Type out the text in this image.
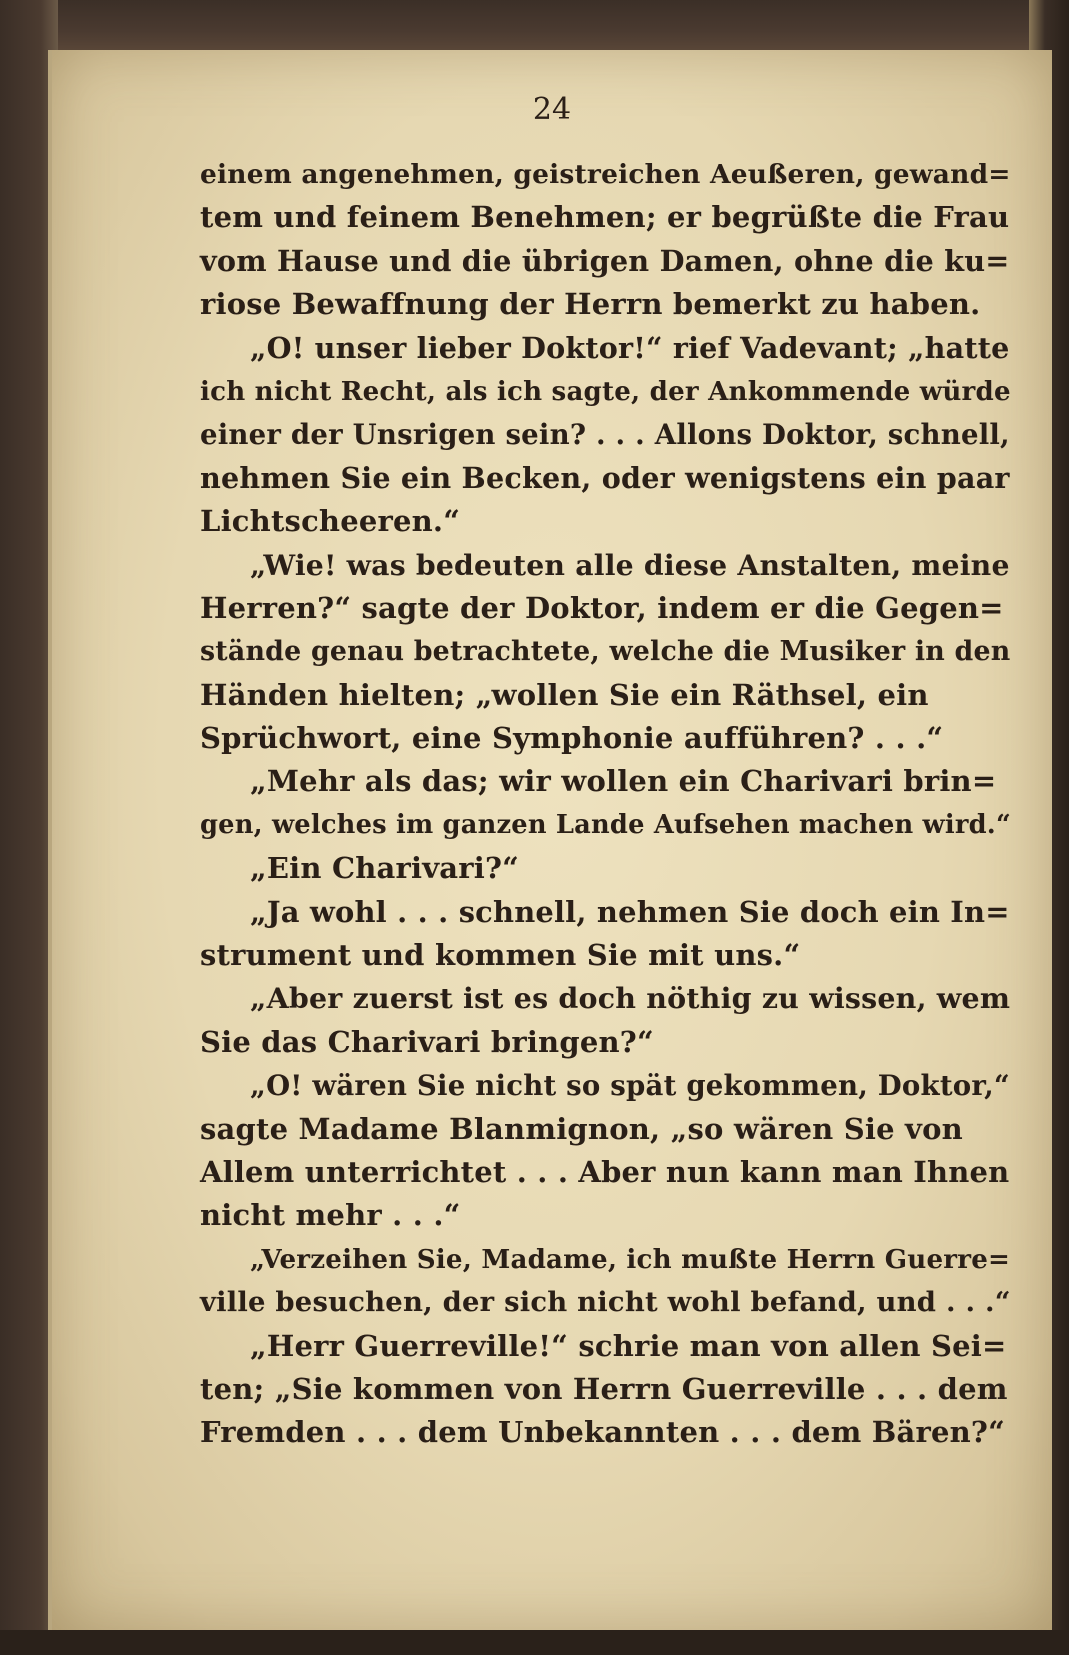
24
einem angenehmen, geistreichen Aeußeren, gewand=
tem und feinem Benehmen; er begrüßte die Frau
vom Hause und die übrigen Damen, ohne die ku=
riose Bewaffnung der Herrn bemerkt zu haben.
„O! unser lieber Doktor!“ rief Vadevant; „hatte
ich nicht Recht, als ich sagte, der Ankommende würde
einer der Unsrigen sein? . . . Allons Doktor, schnell,
nehmen Sie ein Becken, oder wenigstens ein paar
Lichtscheeren.“
„Wie! was bedeuten alle diese Anstalten, meine
Herren?“ sagte der Doktor, indem er die Gegen=
stände genau betrachtete, welche die Musiker in den
Händen hielten; „wollen Sie ein Räthsel, ein
Sprüchwort, eine Symphonie aufführen? . . .“
„Mehr als das; wir wollen ein Charivari brin=
gen, welches im ganzen Lande Aufsehen machen wird.“
„Ein Charivari?“
„Ja wohl . . . schnell, nehmen Sie doch ein In=
strument und kommen Sie mit uns.“
„Aber zuerst ist es doch nöthig zu wissen, wem
Sie das Charivari bringen?“
„O! wären Sie nicht so spät gekommen, Doktor,“
sagte Madame Blanmignon, „so wären Sie von
Allem unterrichtet . . . Aber nun kann man Ihnen
nicht mehr . . .“
„Verzeihen Sie, Madame, ich mußte Herrn Guerre=
ville besuchen, der sich nicht wohl befand, und . . .“
„Herr Guerreville!“ schrie man von allen Sei=
ten; „Sie kommen von Herrn Guerreville . . . dem
Fremden . . . dem Unbekannten . . . dem Bären?“
